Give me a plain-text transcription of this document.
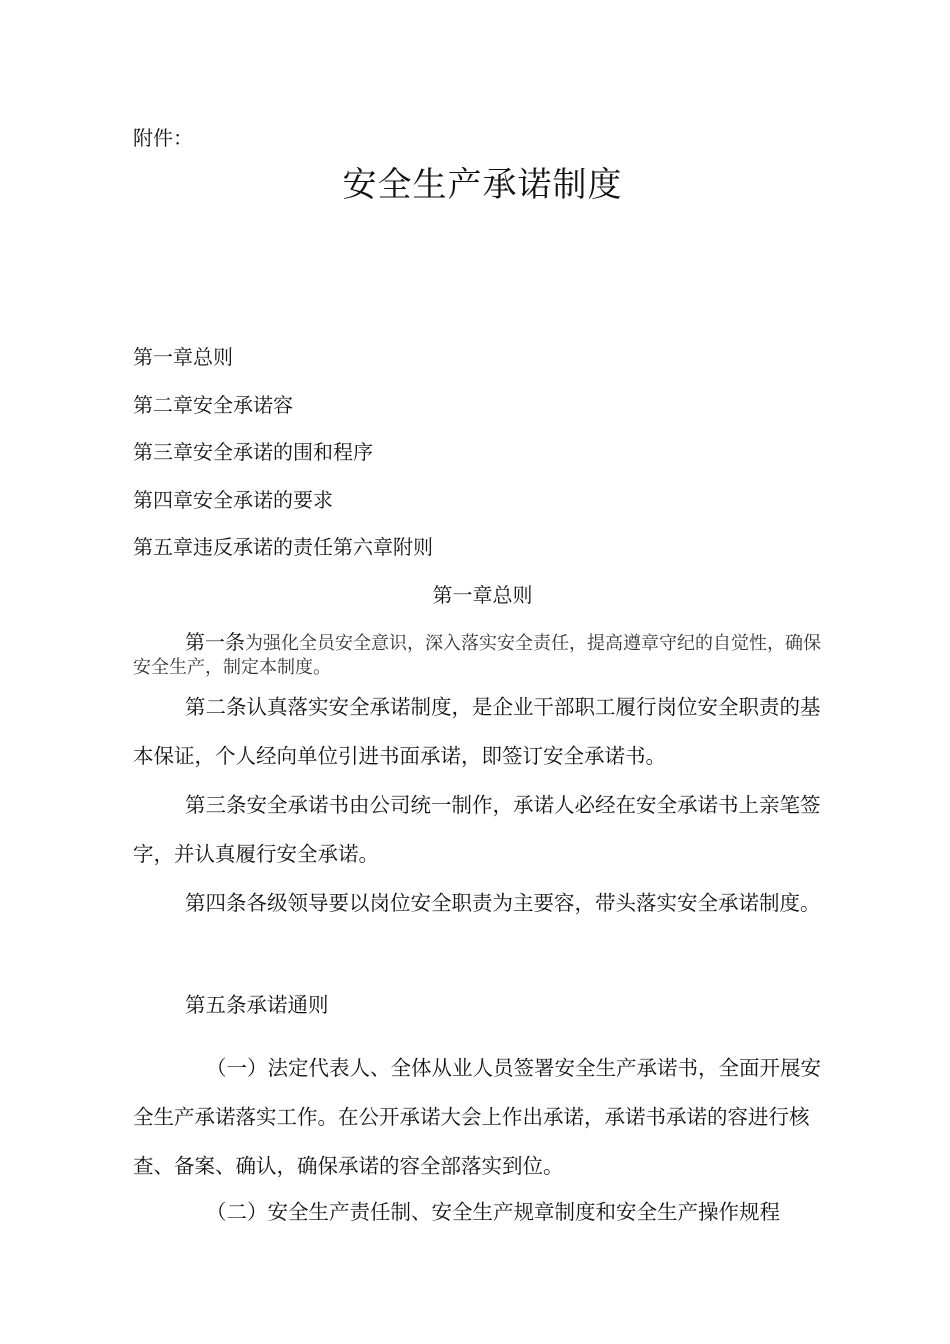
附件：
安全生产承诺制度
第一章总则
第二章安全承诺容
第三章安全承诺的围和程序
第四章安全承诺的要求
第五章违反承诺的责任第六章附则
第一章总则

第一条为强化全员安全意识，深入落实安全责任，提高遵章守纪的自觉性，确保安全生产，制定本制度。

第二条认真落实安全承诺制度，是企业干部职工履行岗位安全职责的基本保证，个人经向单位引进书面承诺，即签订安全承诺书。

第三条安全承诺书由公司统一制作，承诺人必经在安全承诺书上亲笔签字，并认真履行安全承诺。

第四条各级领导要以岗位安全职责为主要容，带头落实安全承诺制度。

第五条承诺通则

（一）法定代表人、全体从业人员签署安全生产承诺书，全面开展安全生产承诺落实工作。在公开承诺大会上作出承诺，承诺书承诺的容进行核查、备案、确认，确保承诺的容全部落实到位。

（二）安全生产责任制、安全生产规章制度和安全生产操作规程
